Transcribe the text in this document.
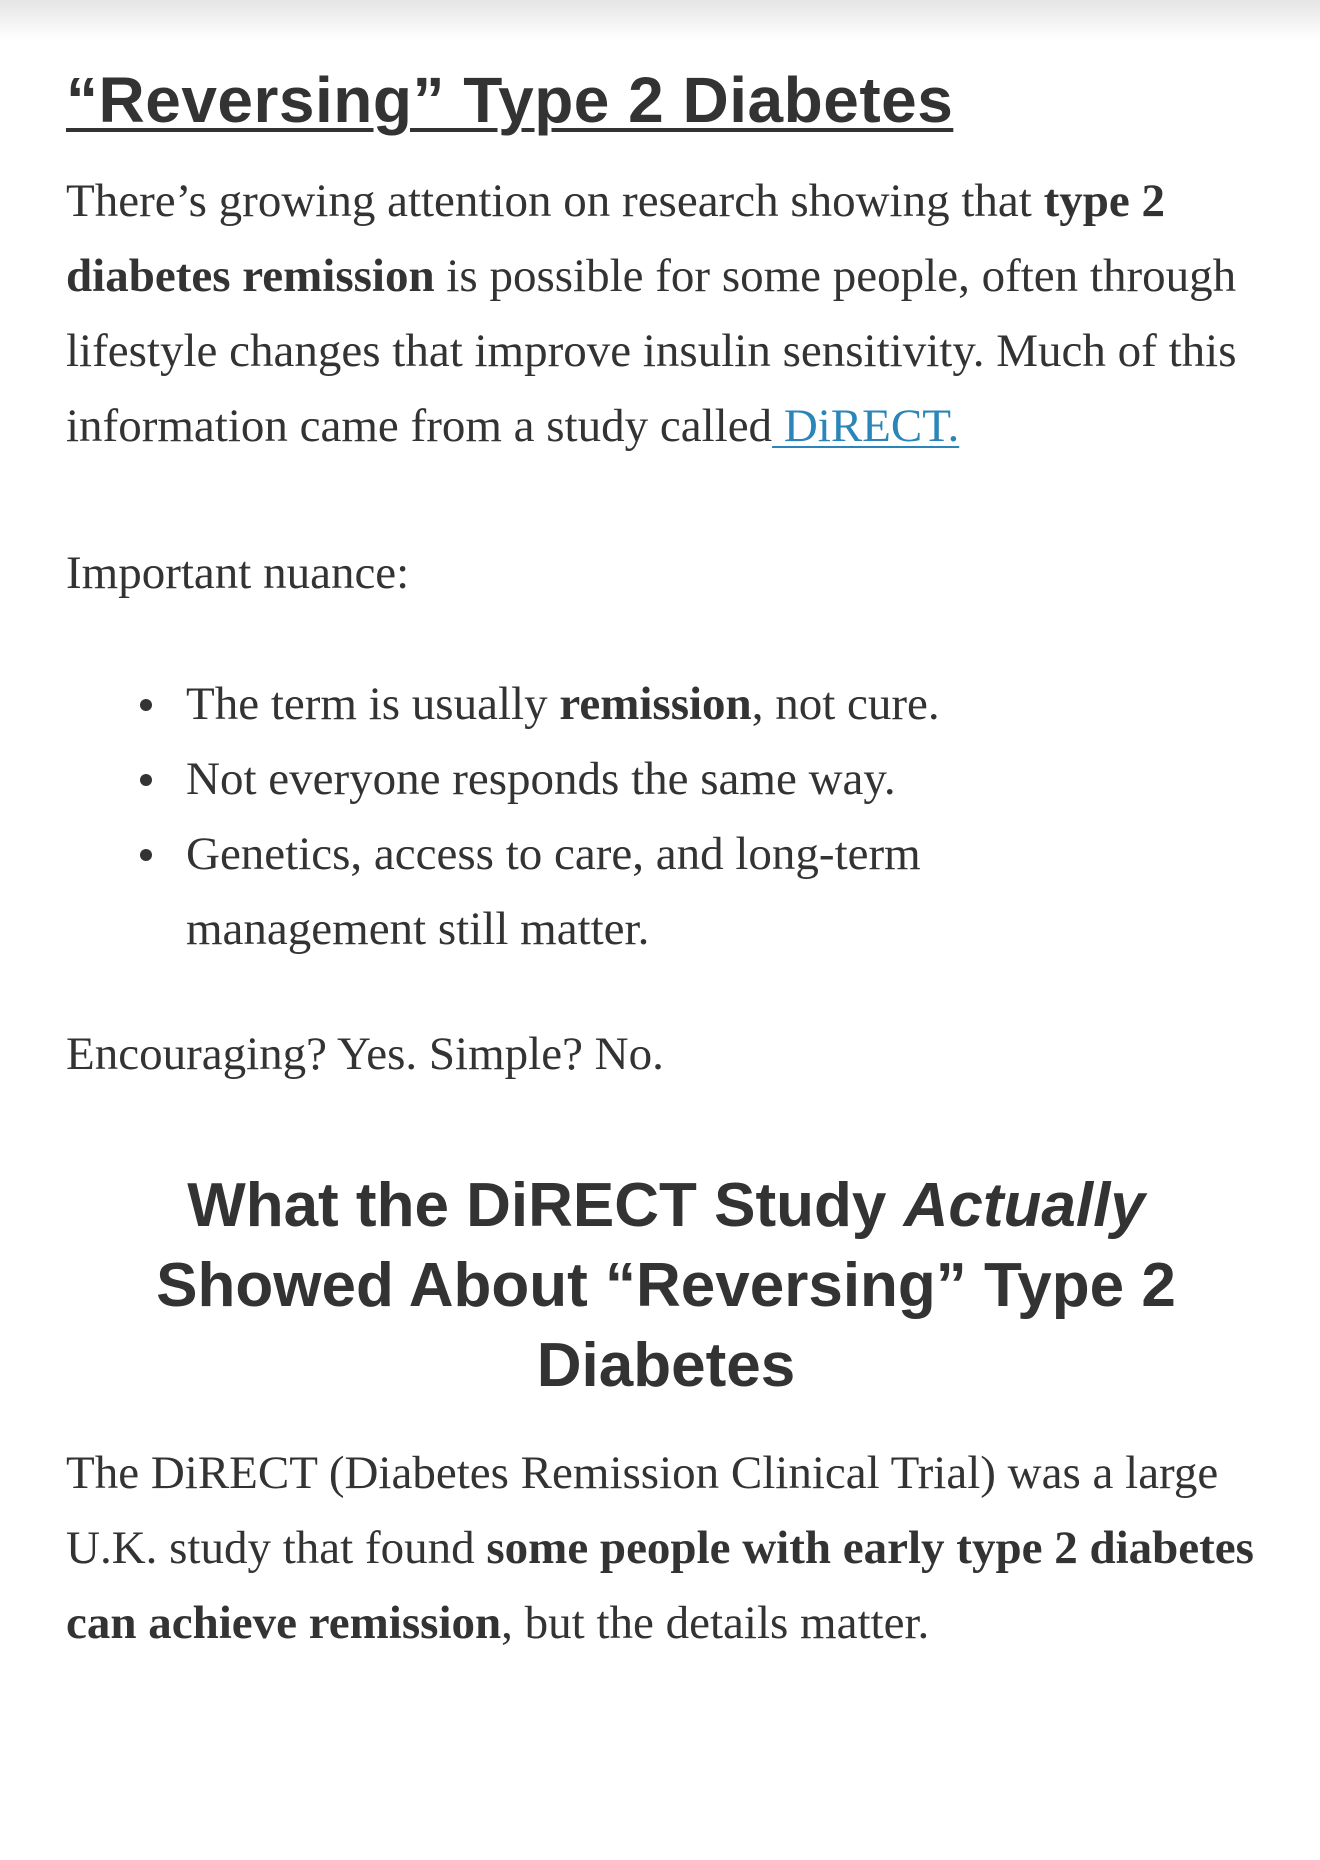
“Reversing” Type 2 Diabetes

There’s growing attention on research showing that type 2 diabetes remission is possible for some people, often through lifestyle changes that improve insulin sensitivity. Much of this information came from a study called DiRECT.

Important nuance:

The term is usually remission, not cure.
Not everyone responds the same way.
Genetics, access to care, and long-term management still matter.

Encouraging? Yes. Simple? No.

What the DiRECT Study Actually Showed About “Reversing” Type 2 Diabetes

The DiRECT (Diabetes Remission Clinical Trial) was a large U.K. study that found some people with early type 2 diabetes can achieve remission, but the details matter.
